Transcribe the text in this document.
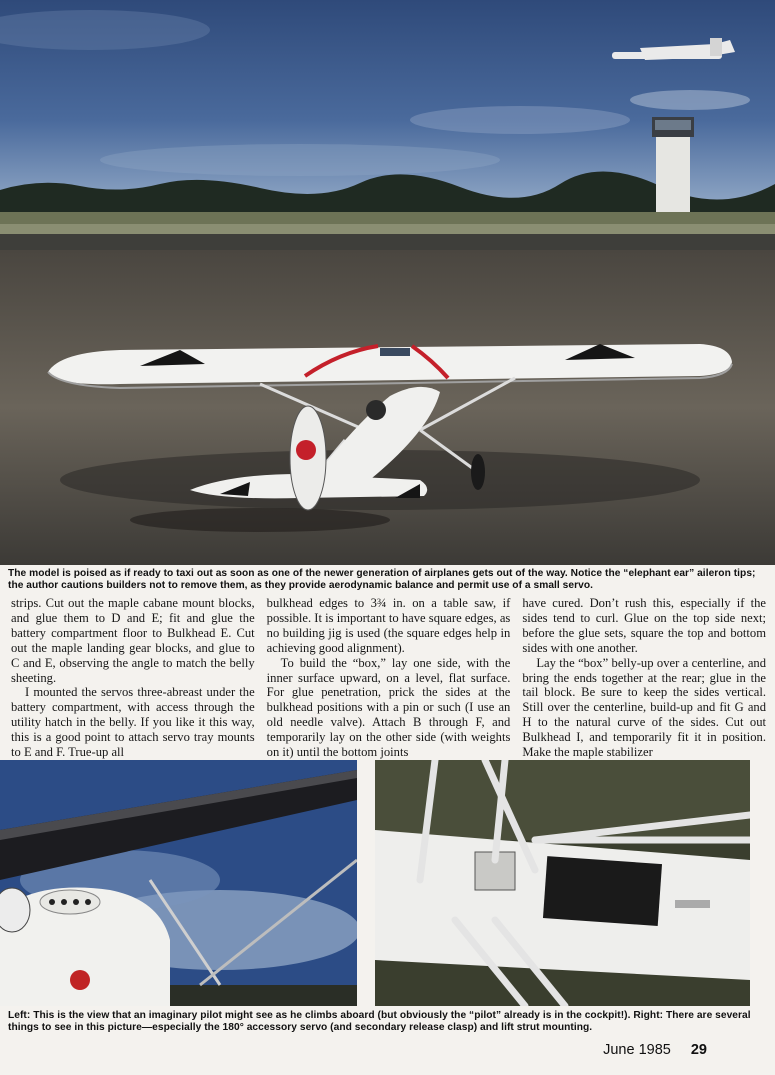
The model is poised as if ready to taxi out as soon as one of the newer generation of airplanes gets out of the way. Notice the “elephant ear” aileron tips; the author cautions builders not to remove them, as they provide aerodynamic balance and permit use of a small servo.

strips. Cut out the maple cabane mount blocks, and glue them to D and E; fit and glue the battery compartment floor to Bulkhead E. Cut out the maple landing gear blocks, and glue to C and E, observing the angle to match the belly sheeting.

I mounted the servos three-abreast under the battery compartment, with access through the utility hatch in the belly. If you like it this way, this is a good point to attach servo tray mounts to E and F. True-up all

bulkhead edges to 3¾ in. on a table saw, if possible. It is important to have square edges, as no building jig is used (the square edges help in achieving good alignment).

To build the “box,” lay one side, with the inner surface upward, on a level, flat surface. For glue penetration, prick the sides at the bulkhead positions with a pin or such (I use an old needle valve). Attach B through F, and temporarily lay on the other side (with weights on it) until the bottom joints

have cured. Don’t rush this, especially if the sides tend to curl. Glue on the top side next; before the glue sets, square the top and bottom sides with one another.

Lay the “box” belly-up over a centerline, and bring the ends together at the rear; glue in the tail block. Be sure to keep the sides vertical. Still over the centerline, build-up and fit G and H to the natural curve of the sides. Cut out Bulkhead I, and temporarily fit it in position. Make the maple stabilizer

Left: This is the view that an imaginary pilot might see as he climbs aboard (but obviously the “pilot” already is in the cockpit!). Right: There are several things to see in this picture—especially the 180° accessory servo (and secondary release clasp) and lift strut mounting.
June 1985 29
